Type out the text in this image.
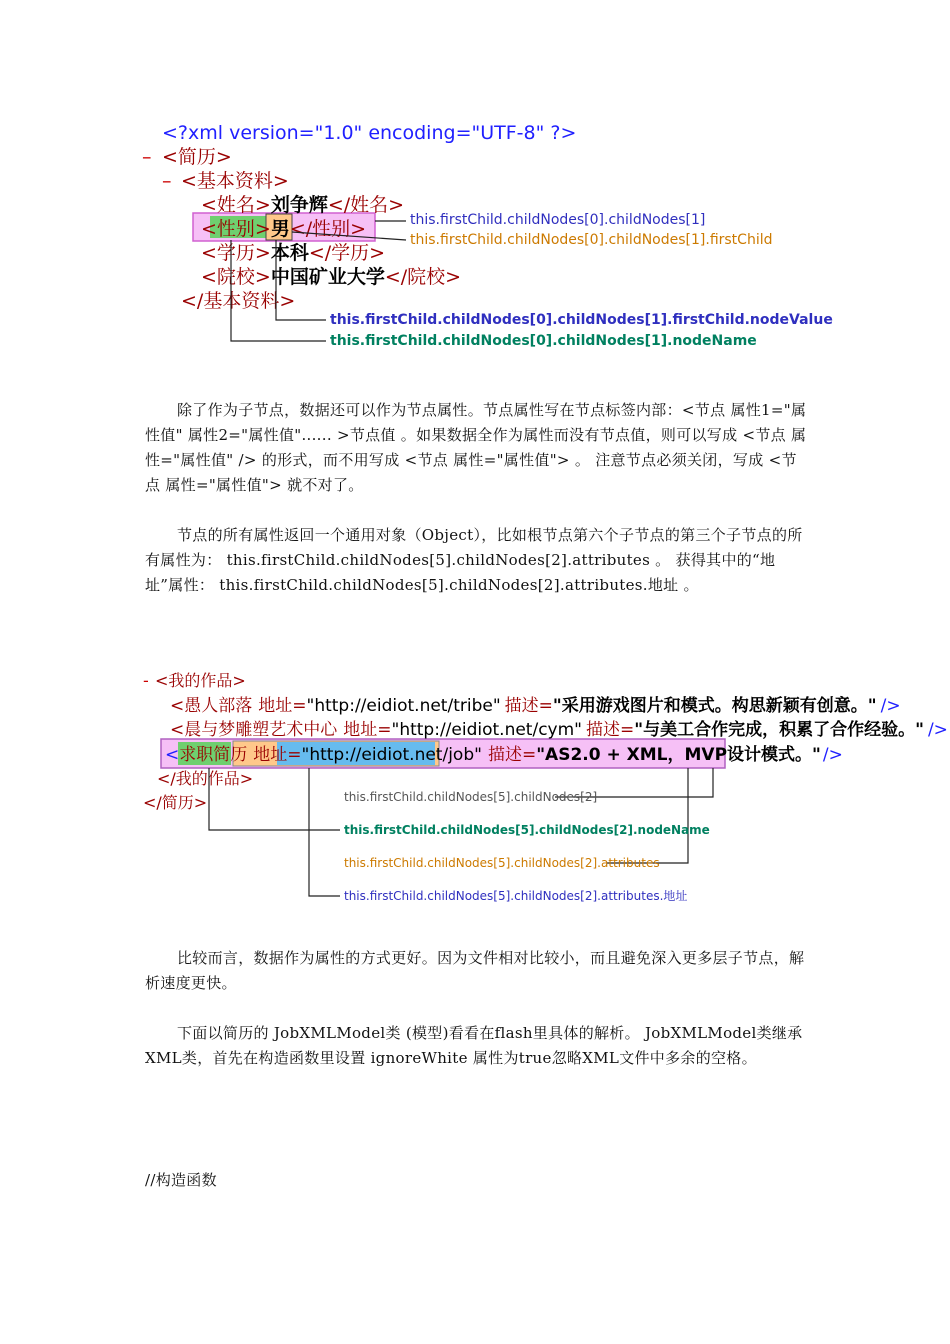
<?xml version="1.0" encoding="UTF-8" ?>
– <简历>
– <基本资料>
<姓名>刘争辉</姓名>
<性别>男</性别>
<学历>本科</学历>
<院校>中国矿业大学</院校>
</基本资料>
this.firstChild.childNodes[0].childNodes[1]
this.firstChild.childNodes[0].childNodes[1].firstChild
this.firstChild.childNodes[0].childNodes[1].firstChild.nodeValue
this.firstChild.childNodes[0].childNodes[1].nodeName
- <我的作品>
<愚人部落 地址="http://eidiot.net/tribe" 描述="采用游戏图片和模式。构思新颖有创意。" />
<晨与梦雕塑艺术中心 地址="http://eidiot.net/cym" 描述="与美工合作完成，积累了合作经验。" />
<求职简历 地址="http://eidiot.net/job" 描述="AS2.0 + XML，MVP设计模式。" />
</我的作品>
</简历>	this.firstChild.childNodes[5].childNodes[2]
this.firstChild.childNodes[5].childNodes[2].nodeName
this.firstChild.childNodes[5].childNodes[2].attributes
this.firstChild.childNodes[5].childNodes[2].attributes.地址

除了作为子节点，数据还可以作为节点属性。节点属性写在节点标签内部：<节点 属性1="属性值" 属性2="属性值"...... >节点值 。如果数据全作为属性而没有节点值，则可以写成 <节点 属性="属性值" /> 的形式，而不用写成 <节点 属性="属性值"> 。 注意节点必须关闭，写成 <节点 属性="属性值"> 就不对了。

节点的所有属性返回一个通用对象（Object），比如根节点第六个子节点的第三个子节点的所有属性为： this.firstChild.childNodes[5].childNodes[2].attributes 。 获得其中的“地址”属性： this.firstChild.childNodes[5].childNodes[2].attributes.地址 。

比较而言，数据作为属性的方式更好。因为文件相对比较小，而且避免深入更多层子节点，解析速度更快。

下面以简历的 JobXMLModel类 (模型)看看在flash里具体的解析。 JobXMLModel类继承XML类，首先在构造函数里设置 ignoreWhite 属性为true忽略XML文件中多余的空格。

//构造函数
